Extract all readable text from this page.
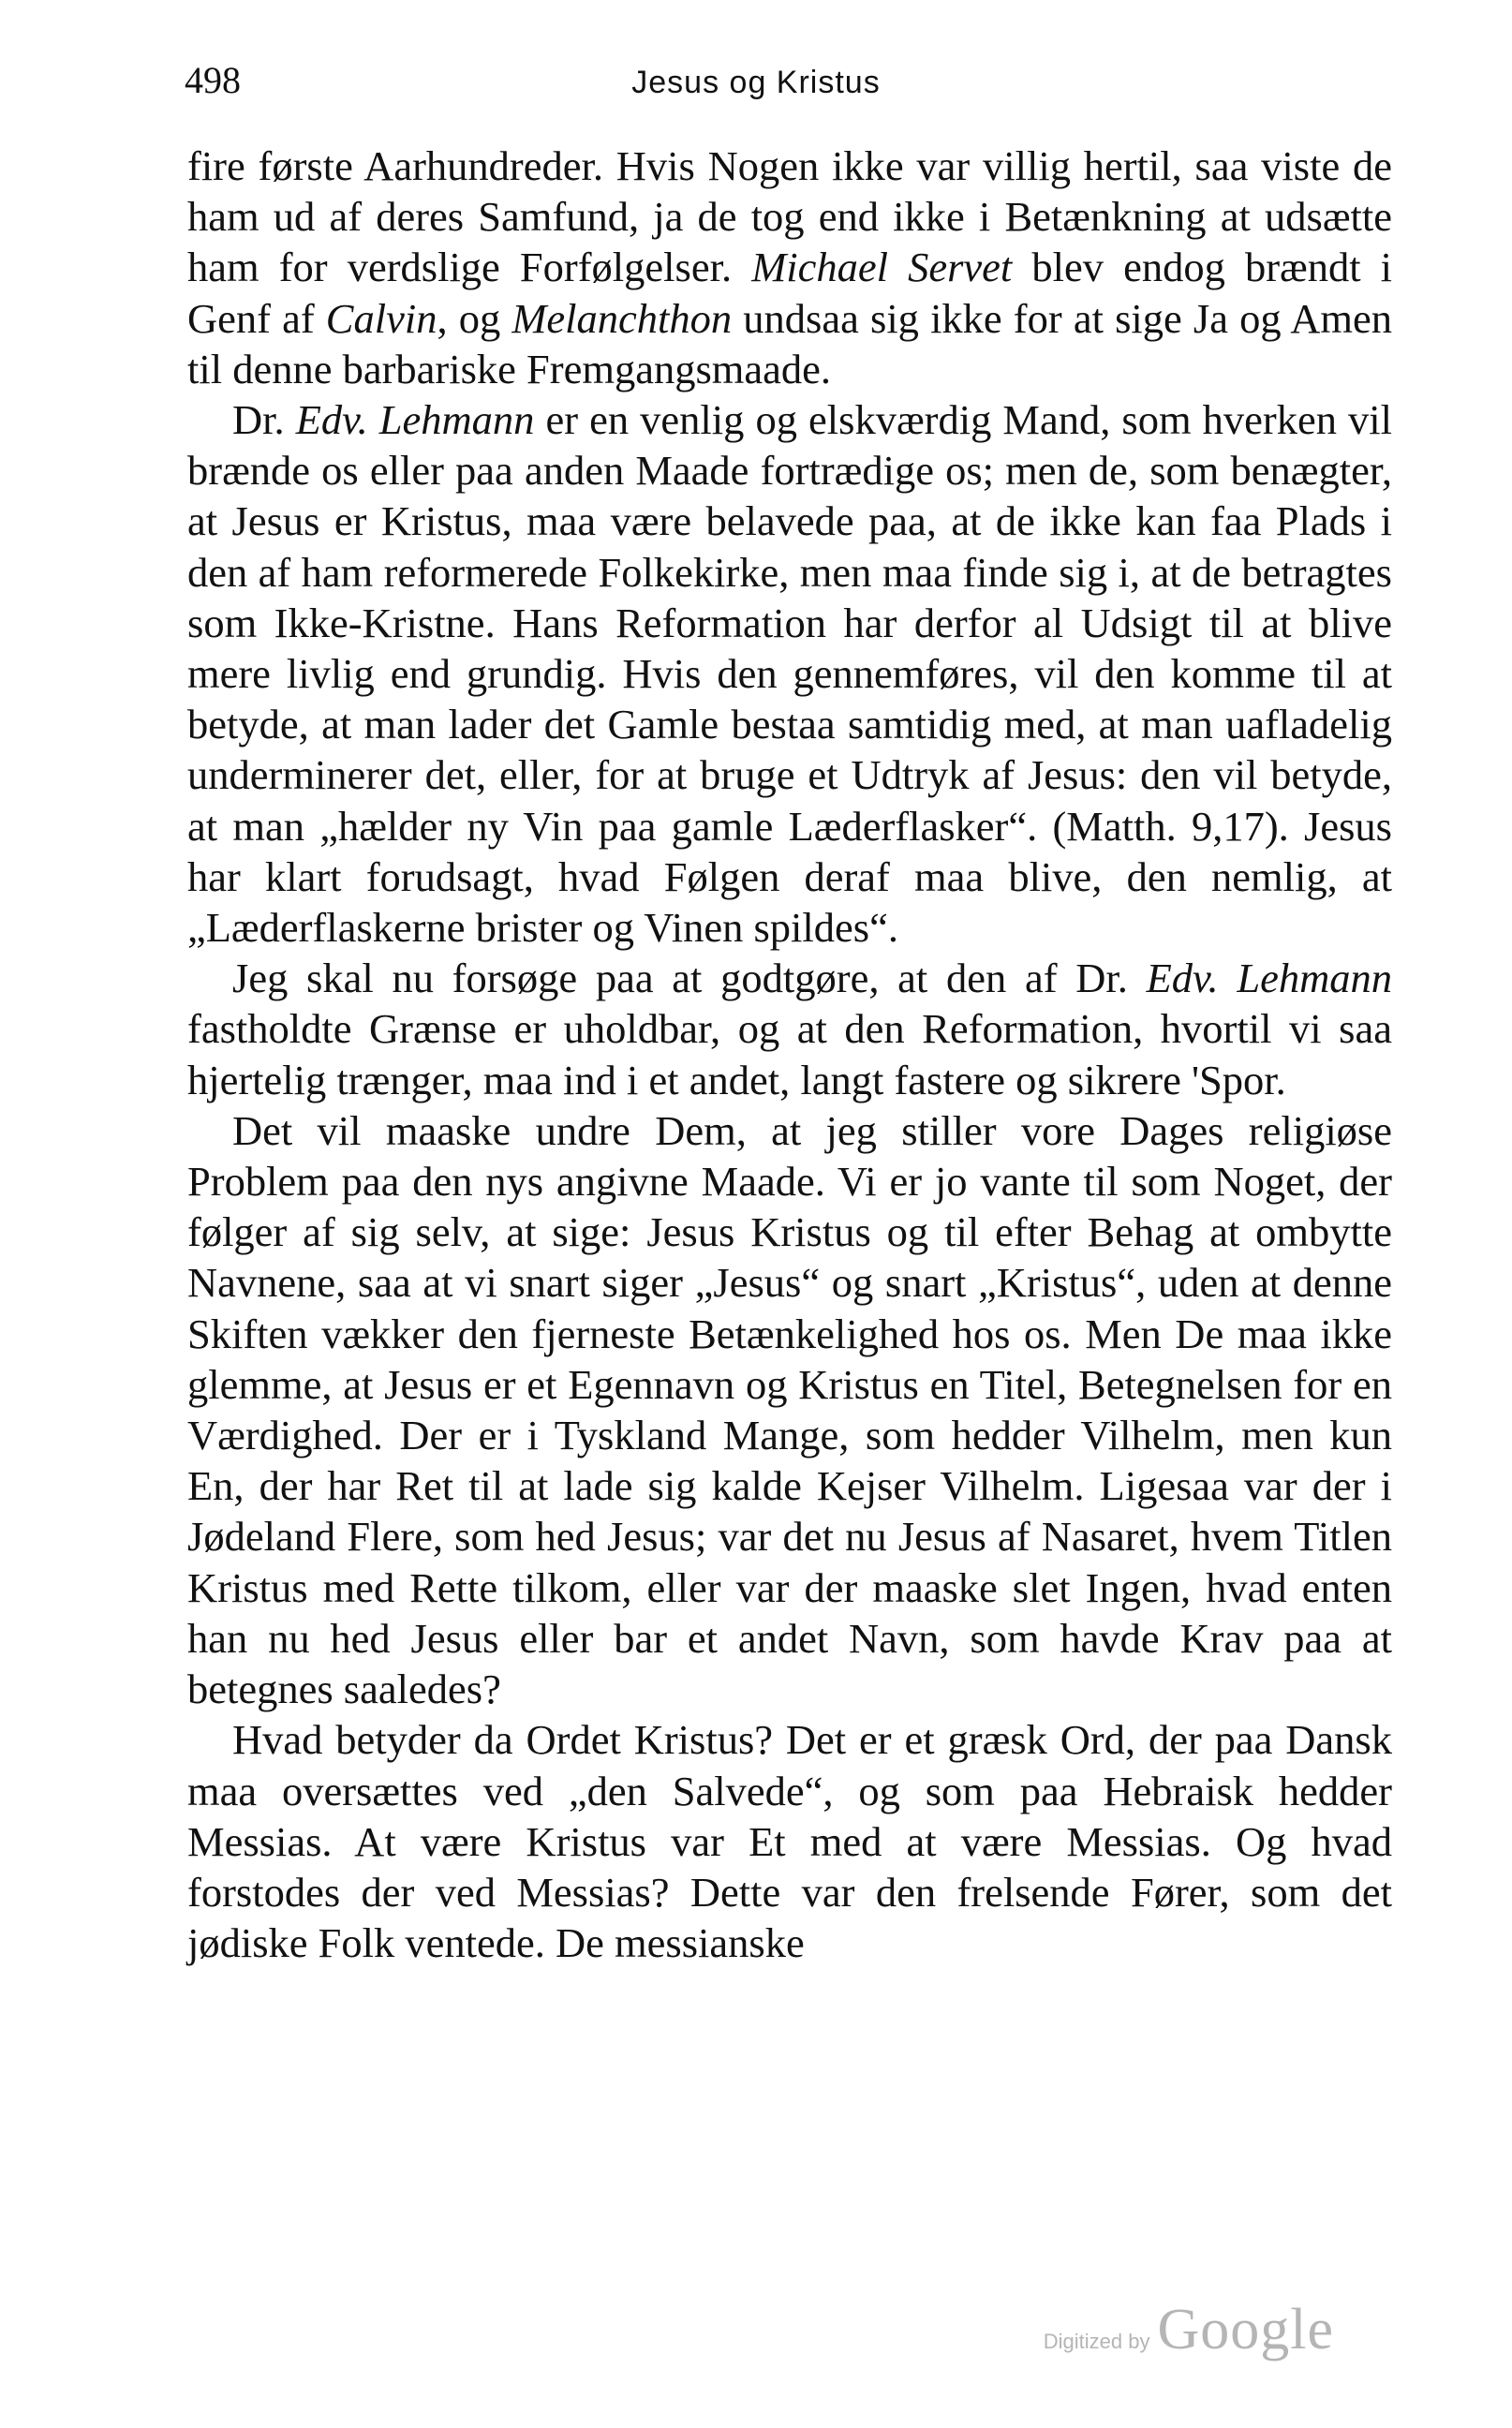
498	Jesus og Kristus

fire første Aarhundreder. Hvis Nogen ikke var villig hertil, saa viste de ham ud af deres Samfund, ja de tog end ikke i Betænkning at udsætte ham for verdslige Forfølgelser. Michael Servet blev endog brændt i Genf af Calvin, og Melanchthon undsaa sig ikke for at sige Ja og Amen til denne barbariske Fremgangsmaade.

Dr. Edv. Lehmann er en venlig og elskværdig Mand, som hverken vil brænde os eller paa anden Maade fortrædige os; men de, som benægter, at Jesus er Kristus, maa være belavede paa, at de ikke kan faa Plads i den af ham reformerede Folkekirke, men maa finde sig i, at de betragtes som Ikke-Kristne. Hans Reformation har derfor al Udsigt til at blive mere livlig end grundig. Hvis den gennemføres, vil den komme til at betyde, at man lader det Gamle bestaa samtidig med, at man uafladelig underminerer det, eller, for at bruge et Udtryk af Jesus: den vil betyde, at man „hælder ny Vin paa gamle Læderflasker“. (Matth. 9,17). Jesus har klart forudsagt, hvad Følgen deraf maa blive, den nemlig, at „Læderflaskerne brister og Vinen spildes“.

Jeg skal nu forsøge paa at godtgøre, at den af Dr. Edv. Lehmann fastholdte Grænse er uholdbar, og at den Reformation, hvortil vi saa hjertelig trænger, maa ind i et andet, langt fastere og sikrere 'Spor.

Det vil maaske undre Dem, at jeg stiller vore Dages religiøse Problem paa den nys angivne Maade. Vi er jo vante til som Noget, der følger af sig selv, at sige: Jesus Kristus og til efter Behag at ombytte Navnene, saa at vi snart siger „Jesus“ og snart „Kristus“, uden at denne Skiften vækker den fjerneste Betænkelighed hos os. Men De maa ikke glemme, at Jesus er et Egennavn og Kristus en Titel, Betegnelsen for en Værdighed. Der er i Tyskland Mange, som hedder Vilhelm, men kun En, der har Ret til at lade sig kalde Kejser Vilhelm. Ligesaa var der i Jødeland Flere, som hed Jesus; var det nu Jesus af Nasaret, hvem Titlen Kristus med Rette tilkom, eller var der maaske slet Ingen, hvad enten han nu hed Jesus eller bar et andet Navn, som havde Krav paa at betegnes saaledes?

Hvad betyder da Ordet Kristus? Det er et græsk Ord, der paa Dansk maa oversættes ved „den Salvede“, og som paa Hebraisk hedder Messias. At være Kristus var Et med at være Messias. Og hvad forstodes der ved Messias? Dette var den frelsende Fører, som det jødiske Folk ventede. De messianske

Digitized by Google
